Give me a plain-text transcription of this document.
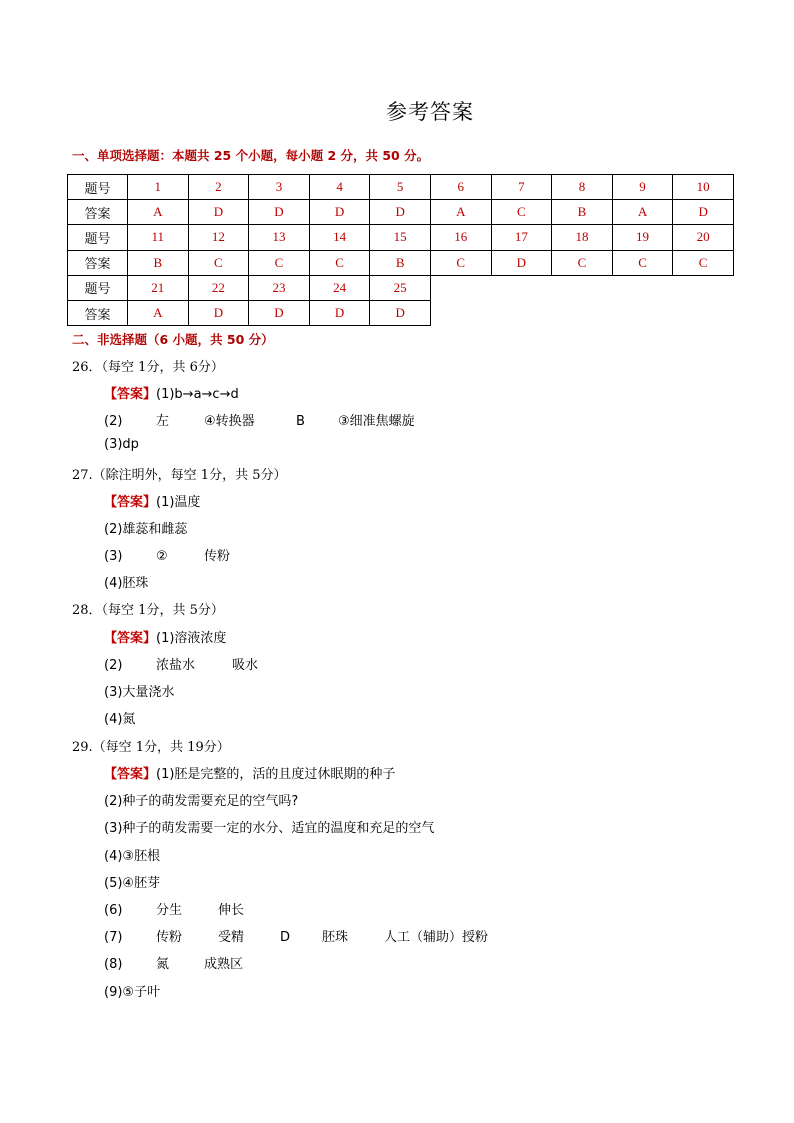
参考答案
一、单项选择题：本题共 25 个小题，每小题 2 分，共 50 分。
题号	1	2	3	4	5	6	7	8	9	10
答案	A	D	D	D	D	A	C	B	A	D
题号	11	12	13	14	15	16	17	18	19	20
答案	B	C	C	C	B	C	D	C	C	C
题号	21	22	23	24	25					
答案	A	D	D	D	D					
二、非选择题（6 小题，共 50 分）
26．（每空 1分，共 6分）
【答案】(1)b→a→c→d
(2)	左	④转换器	B	③细准焦螺旋
(3)dp
27.（除注明外，每空 1分，共 5分）
【答案】(1)温度
(2)雄蕊和雌蕊
(3)	②	传粉
(4)胚珠
28．（每空 1分，共 5分）
【答案】(1)溶液浓度
(2)	浓盐水	吸水
(3)大量浇水
(4)氮
29.（每空 1分，共 19分）
【答案】(1)胚是完整的，活的且度过休眠期的种子
(2)种子的萌发需要充足的空气吗?
(3)种子的萌发需要一定的水分、适宜的温度和充足的空气
(4)③胚根
(5)④胚芽
(6)	分生	伸长
(7)	传粉	受精	D 胚珠	人工（辅助）授粉
(8)	氮	成熟区
(9)⑤子叶
